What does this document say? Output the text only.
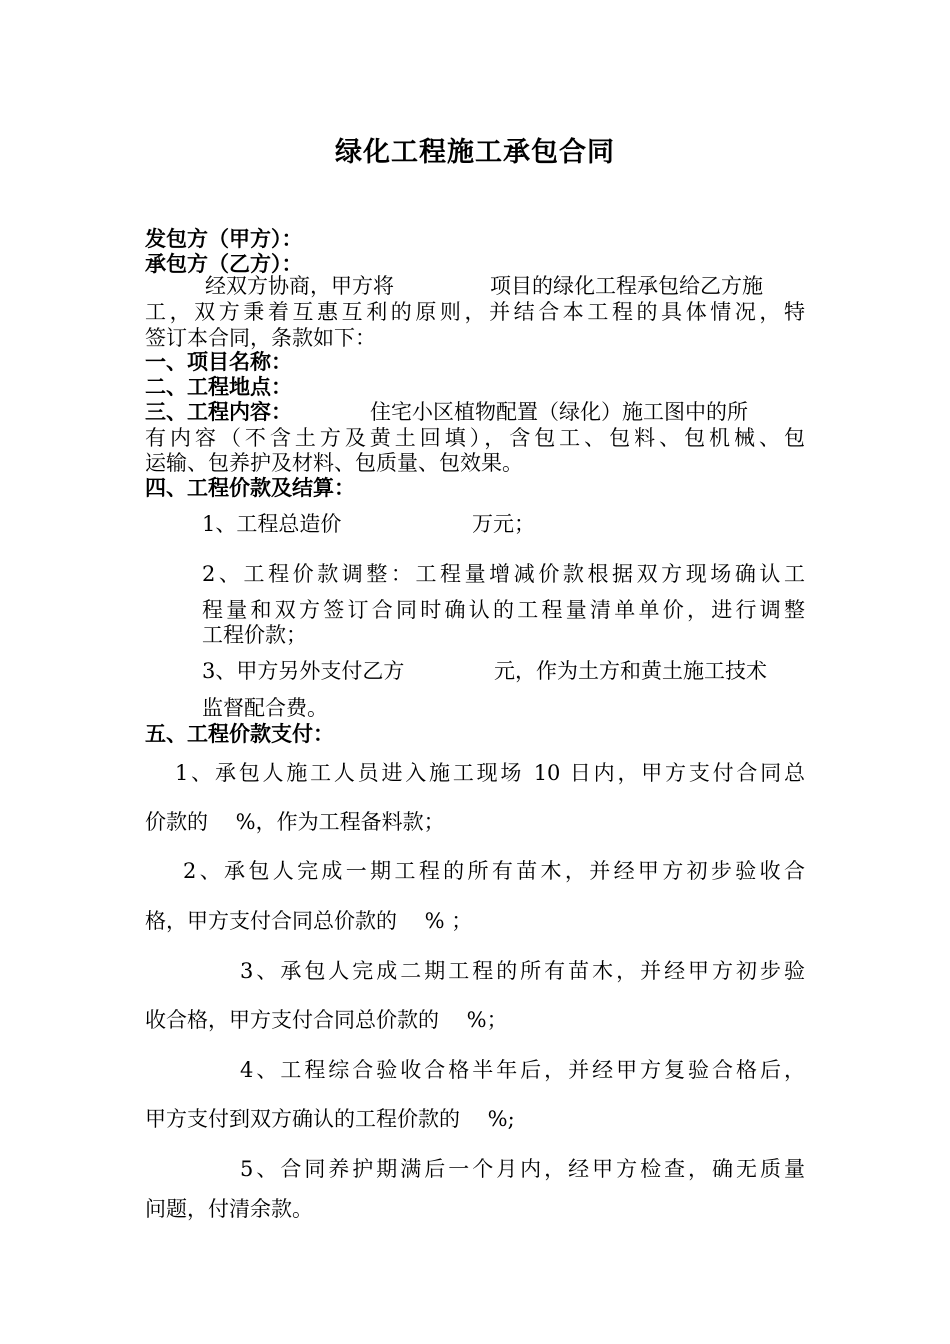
绿化工程施工承包合同
发包方（甲方）：
承包方（乙方）：
经双方协商，甲方将	项目的绿化工程承包给乙方施
工，双方秉着互惠互利的原则，并结合本工程的具体情况，特
签订本合同，条款如下：
一、项目名称：
二、工程地点：
三、工程内容：	住宅小区植物配置（绿化）施工图中的所
有内容（不含土方及黄土回填），含包工、包料、包机械、包
运输、包养护及材料、包质量、包效果。
四、工程价款及结算：
1、工程总造价	万元；
2、工程价款调整：工程量增减价款根据双方现场确认工
程量和双方签订合同时确认的工程量清单单价，进行调整
工程价款；
3、甲方另外支付乙方	元，作为土方和黄土施工技术
监督配合费。
五、工程价款支付：
1、承包人施工人员进入施工现场 10 日内，甲方支付合同总
价款的　 %，作为工程备料款；
2、承包人完成一期工程的所有苗木，并经甲方初步验收合
格，甲方支付合同总价款的　 % ；
3、承包人完成二期工程的所有苗木，并经甲方初步验
收合格，甲方支付合同总价款的　 %；
4、工程综合验收合格半年后，并经甲方复验合格后，
甲方支付到双方确认的工程价款的　 %;
5、合同养护期满后一个月内，经甲方检查，确无质量
问题，付清余款。
